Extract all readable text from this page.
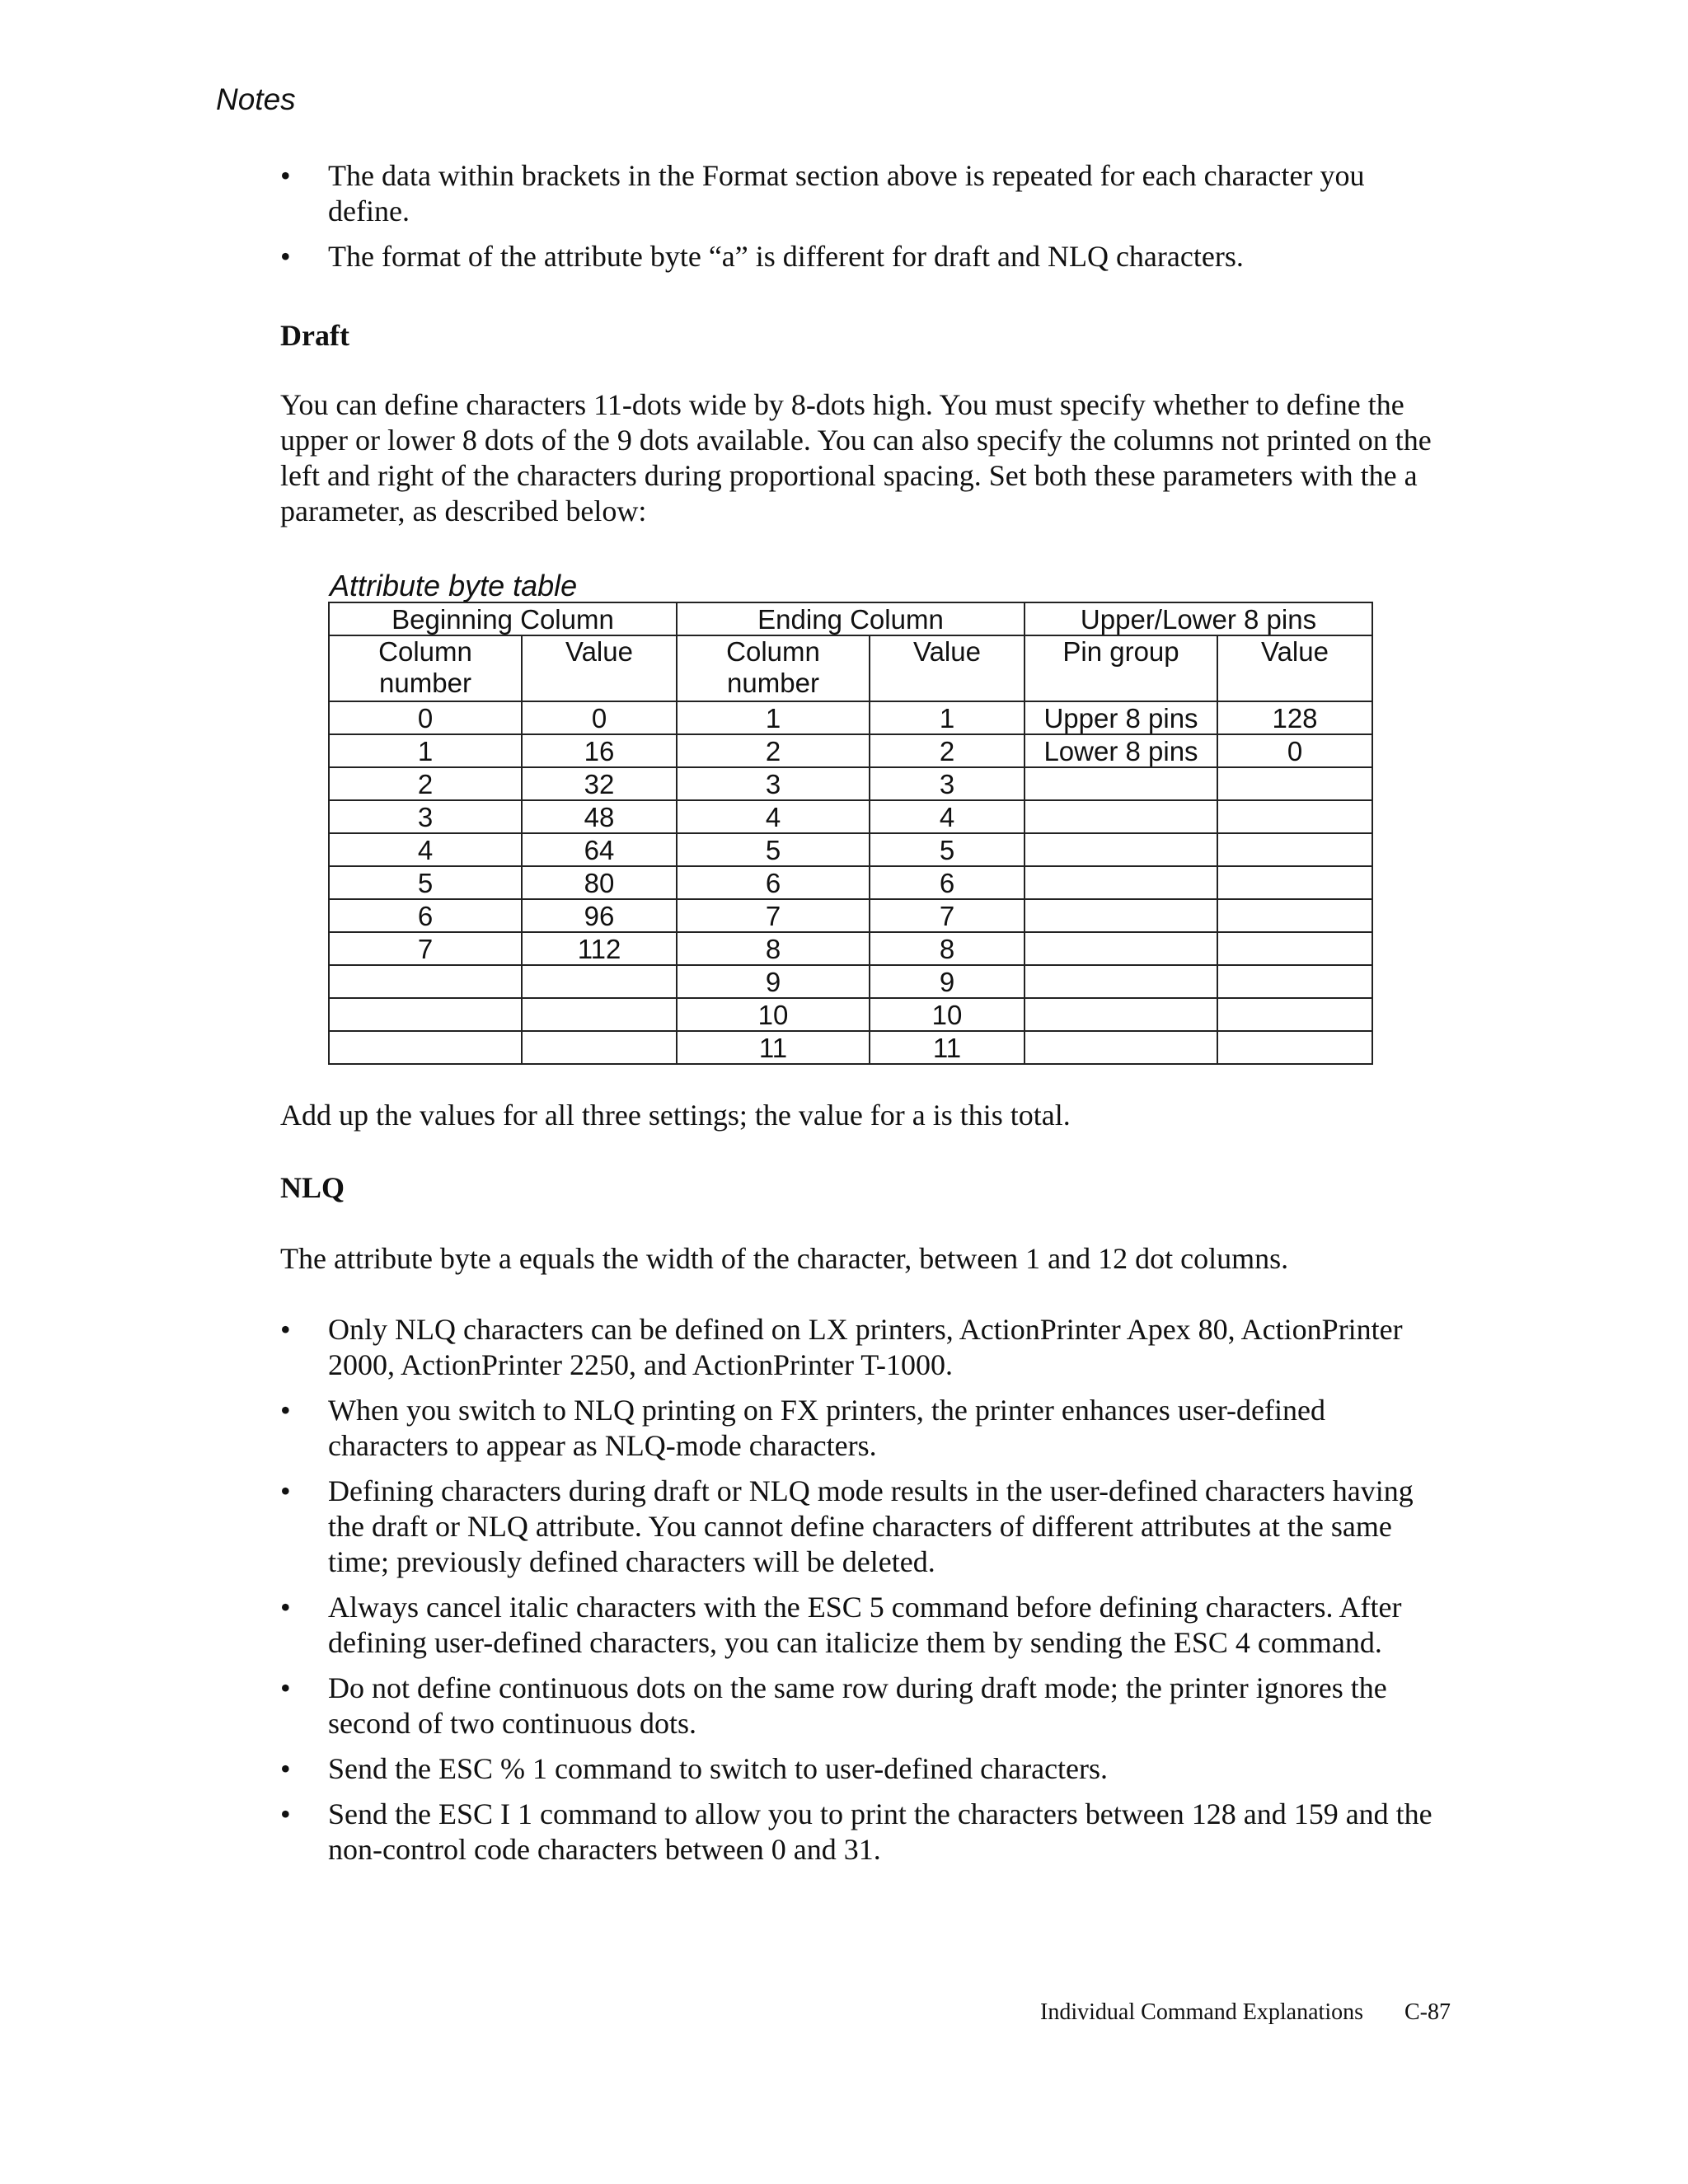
Notes
• The data within brackets in the Format section above is repeated for each character you define.
• The format of the attribute byte “a” is different for draft and NLQ characters.
Draft

You can define characters 11-dots wide by 8-dots high. You must specify whether to define the upper or lower 8 dots of the 9 dots available. You can also specify the columns not printed on the left and right of the characters during proportional spacing. Set both these parameters with the a parameter, as described below:

Attribute byte table

Beginning Column		Ending Column		Upper/Lower 8 pins	
Column number	Value	Column number	Value	Pin group	Value
0	0	1	1	Upper 8 pins	128
1	16	2	2	Lower 8 pins	0
2	32	3	3		
3	48	4	4		
4	64	5	5		
5	80	6	6		
6	96	7	7		
7	112	8	8		
		9	9		
		10	10		
		11	11		

Add up the values for all three settings; the value for a is this total.

NLQ

The attribute byte a equals the width of the character, between 1 and 12 dot columns.

• Only NLQ characters can be defined on LX printers, ActionPrinter Apex 80, ActionPrinter 2000, ActionPrinter 2250, and ActionPrinter T-1000.
• When you switch to NLQ printing on FX printers, the printer enhances user-defined characters to appear as NLQ-mode characters.
• Defining characters during draft or NLQ mode results in the user-defined characters having the draft or NLQ attribute. You cannot define characters of different attributes at the same time; previously defined characters will be deleted.
• Always cancel italic characters with the ESC 5 command before defining characters. After defining user-defined characters, you can italicize them by sending the ESC 4 command.
• Do not define continuous dots on the same row during draft mode; the printer ignores the second of two continuous dots.
• Send the ESC % 1 command to switch to user-defined characters.
• Send the ESC I 1 command to allow you to print the characters between 128 and 159 and the non-control code characters between 0 and 31.

Individual Command Explanations C-87
